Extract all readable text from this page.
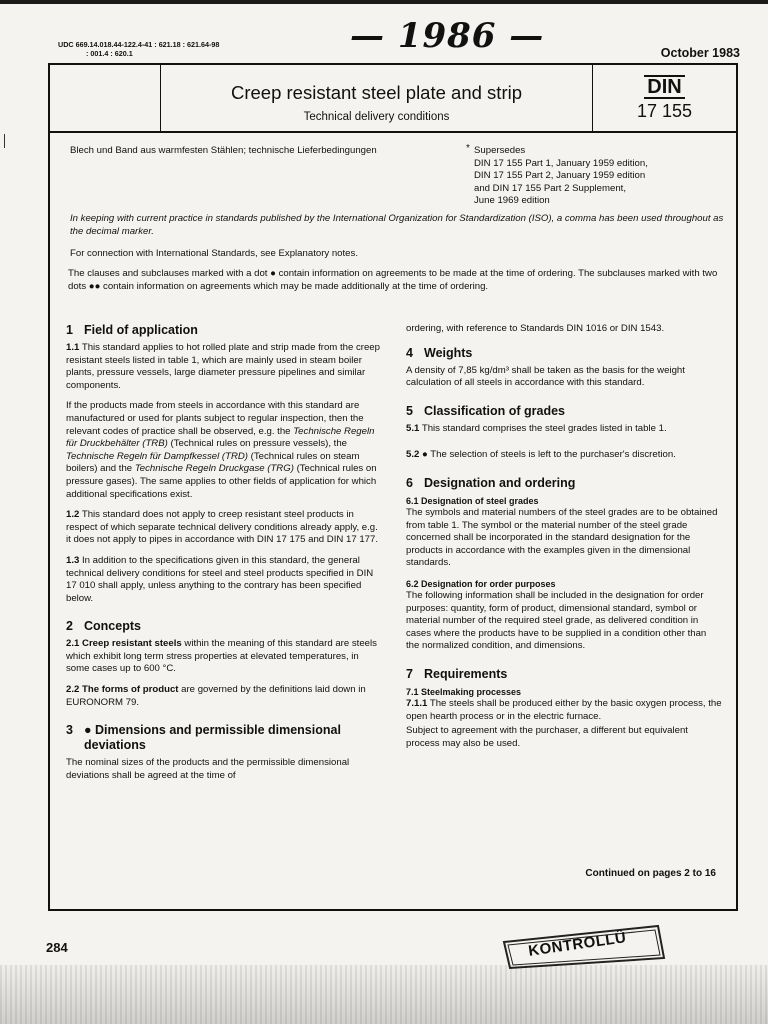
UDC 669.14.018.44-122.4-41 : 621.18 : 621.64-98
: 001.4 : 620.1	— 1986 —	October 1983
Creep resistant steel plate and strip
Technical delivery conditions
DIN
17 155
Blech und Band aus warmfesten Stählen; technische Lieferbedingungen	* Supersedes
DIN 17 155 Part 1, January 1959 edition,
DIN 17 155 Part 2, January 1959 edition
and DIN 17 155 Part 2 Supplement,
June 1969 edition
In keeping with current practice in standards published by the International Organization for Standardization (ISO), a comma has been used throughout as the decimal marker.
For connection with International Standards, see Explanatory notes.
The clauses and subclauses marked with a dot ● contain information on agreements to be made at the time of ordering. The subclauses marked with two dots ●● contain information on agreements which may be made additionally at the time of ordering.
1 Field of application

1.1 This standard applies to hot rolled plate and strip made from the creep resistant steels listed in table 1, which are mainly used in steam boiler plants, pressure vessels, large diameter pressure pipelines and similar components.

If the products made from steels in accordance with this standard are manufactured or used for plants subject to regular inspection, then the relevant codes of practice shall be observed, e.g. the Technische Regeln für Druckbehälter (TRB) (Technical rules on pressure vessels), the Technische Regeln für Dampfkessel (TRD) (Technical rules on steam boilers) and the Technische Regeln Druckgase (TRG) (Technical rules on pressure gases). The same applies to other fields of application for which additional specifications exist.

1.2 This standard does not apply to creep resistant steel products in respect of which separate technical delivery conditions already apply, e.g. it does not apply to pipes in accordance with DIN 17 175 and DIN 17 177.

1.3 In addition to the specifications given in this standard, the general technical delivery conditions for steel and steel products specified in DIN 17 010 shall apply, unless anything to the contrary has been specified below.

2 Concepts

2.1 Creep resistant steels within the meaning of this standard are steels which exhibit long term stress properties at elevated temperatures, in some cases up to 600 °C.

2.2 The forms of product are governed by the definitions laid down in EURONORM 79.

3 ● Dimensions and permissible dimensional deviations

The nominal sizes of the products and the permissible dimensional deviations shall be agreed at the time of

ordering, with reference to Standards DIN 1016 or DIN 1543.

4 Weights

A density of 7,85 kg/dm³ shall be taken as the basis for the weight calculation of all steels in accordance with this standard.

5 Classification of grades

5.1 This standard comprises the steel grades listed in table 1.

5.2 ● The selection of steels is left to the purchaser's discretion.

6 Designation and ordering
6.1 Designation of steel grades

The symbols and material numbers of the steel grades are to be obtained from table 1. The symbol or the material number of the steel grade concerned shall be incorporated in the standard designation for the products in accordance with the examples given in the dimensional standards.

6.2 Designation for order purposes

The following information shall be included in the designation for order purposes: quantity, form of product, dimensional standard, symbol or material number of the required steel grade, as delivered condition in cases where the products have to be supplied in a condition other than the normalized condition, and dimensions.

7 Requirements
7.1 Steelmaking processes

7.1.1 The steels shall be produced either by the basic oxygen process, the open hearth process or in the electric furnace.

Subject to agreement with the purchaser, a different but equivalent process may also be used.

Continued on pages 2 to 16
284	KONTROLLÜ
